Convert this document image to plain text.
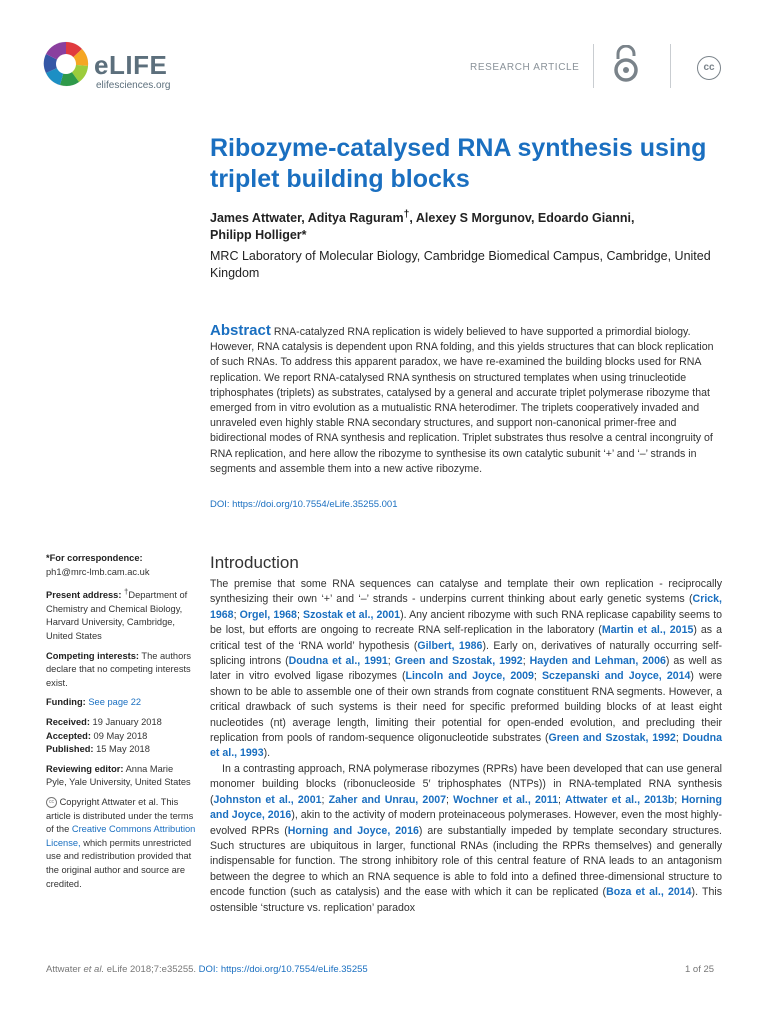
eLIFE
elifesciences.org
RESEARCH ARTICLE	cc
Ribozyme-catalysed RNA synthesis using triplet building blocks
James Attwater, Aditya Raguram†, Alexey S Morgunov, Edoardo Gianni,
Philipp Holliger*
MRC Laboratory of Molecular Biology, Cambridge Biomedical Campus, Cambridge, United Kingdom
Abstract RNA-catalyzed RNA replication is widely believed to have supported a primordial biology. However, RNA catalysis is dependent upon RNA folding, and this yields structures that can block replication of such RNAs. To address this apparent paradox, we have re-examined the building blocks used for RNA replication. We report RNA-catalysed RNA synthesis on structured templates when using trinucleotide triphosphates (triplets) as substrates, catalysed by a general and accurate triplet polymerase ribozyme that emerged from in vitro evolution as a mutualistic RNA heterodimer. The triplets cooperatively invaded and unraveled even highly stable RNA secondary structures, and support non-canonical primer-free and bidirectional modes of RNA synthesis and replication. Triplet substrates thus resolve a central incongruity of RNA replication, and here allow the ribozyme to synthesise its own catalytic subunit ‘+’ and ‘–’ strands in segments and assemble them into a new active ribozyme.
DOI: https://doi.org/10.7554/eLife.35255.001

*For correspondence:
ph1@mrc-lmb.cam.ac.uk

Present address: †Department of Chemistry and Chemical Biology, Harvard University, Cambridge, United States

Competing interests: The authors declare that no competing interests exist.

Funding: See page 22

Received: 19 January 2018
Accepted: 09 May 2018
Published: 15 May 2018

Reviewing editor: Anna Marie Pyle, Yale University, United States

cc Copyright Attwater et al. This article is distributed under the terms of the Creative Commons Attribution License, which permits unrestricted use and redistribution provided that the original author and source are credited.

Introduction

The premise that some RNA sequences can catalyse and template their own replication - reciprocally synthesizing their own ‘+’ and ‘–’ strands - underpins current thinking about early genetic systems (Crick, 1968; Orgel, 1968; Szostak et al., 2001). Any ancient ribozyme with such RNA replicase capability seems to be lost, but efforts are ongoing to recreate RNA self-replication in the laboratory (Martin et al., 2015) as a critical test of the ‘RNA world’ hypothesis (Gilbert, 1986). Early on, derivatives of naturally occurring self-splicing introns (Doudna et al., 1991; Green and Szostak, 1992; Hayden and Lehman, 2006) as well as later in vitro evolved ligase ribozymes (Lincoln and Joyce, 2009; Sczepanski and Joyce, 2014) were shown to be able to assemble one of their own strands from cognate constituent RNA segments. However, a critical drawback of such systems is their need for specific preformed building blocks of at least eight nucleotides (nt) average length, limiting their potential for open-ended evolution, and precluding their replication from pools of random-sequence oligonucleotide substrates (Green and Szostak, 1992; Doudna et al., 1993).

In a contrasting approach, RNA polymerase ribozymes (RPRs) have been developed that can use general monomer building blocks (ribonucleoside 5′ triphosphates (NTPs)) in RNA-templated RNA synthesis (Johnston et al., 2001; Zaher and Unrau, 2007; Wochner et al., 2011; Attwater et al., 2013b; Horning and Joyce, 2016), akin to the activity of modern proteinaceous polymerases. However, even the most highly-evolved RPRs (Horning and Joyce, 2016) are substantially impeded by template secondary structures. Such structures are ubiquitous in larger, functional RNAs (including the RPRs themselves) and generally indispensable for function. The strong inhibitory role of this central feature of RNA leads to an antagonism between the degree to which an RNA sequence is able to fold into a defined three-dimensional structure to encode function (such as catalysis) and the ease with which it can be replicated (Boza et al., 2014). This ostensible ‘structure vs. replication’ paradox

Attwater et al. eLife 2018;7:e35255. DOI: https://doi.org/10.7554/eLife.35255	1 of 25
